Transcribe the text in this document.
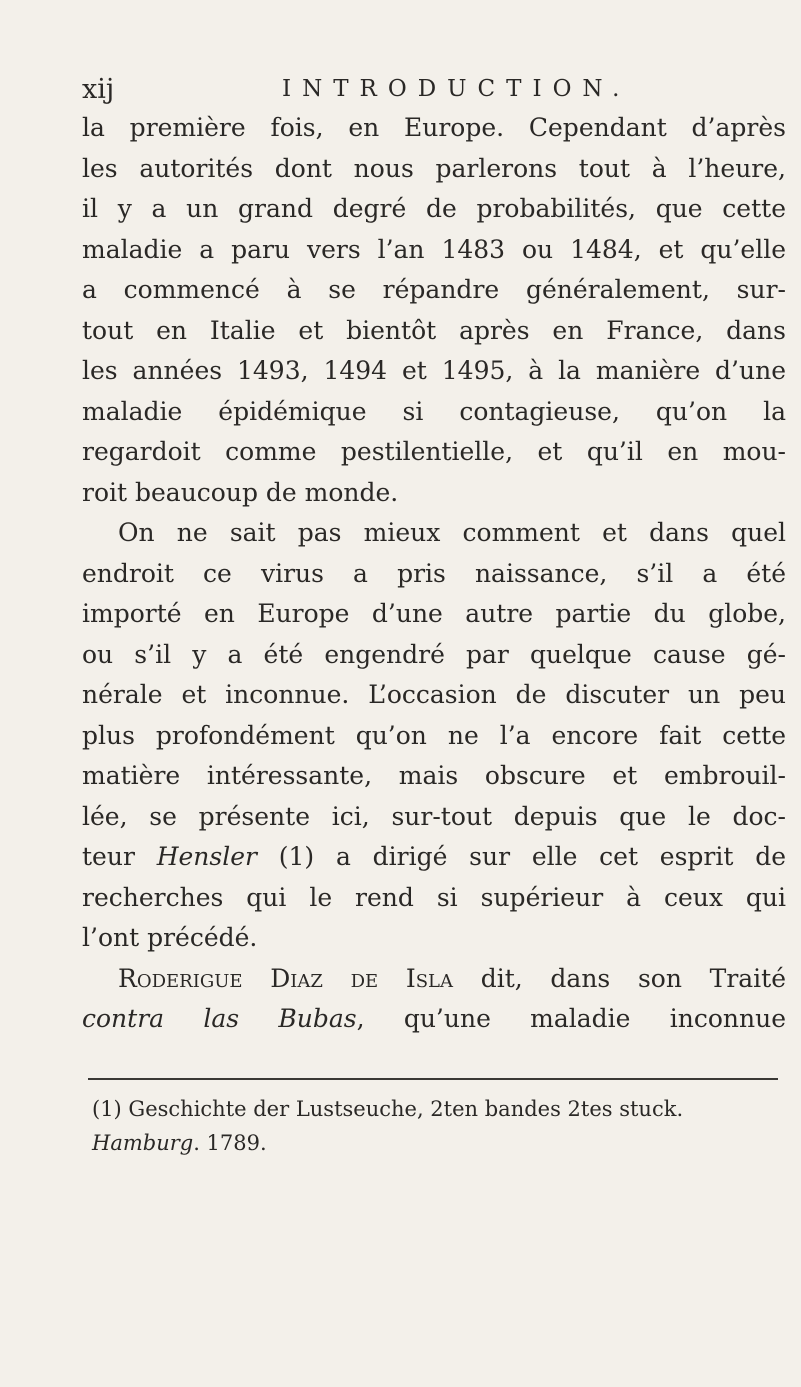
xij	INTRODUCTION.
la première fois, en Europe. Cependant d’après
les autorités dont nous parlerons tout à l’heure,
il y a un grand degré de probabilités, que cette
maladie a paru vers l’an 1483 ou 1484, et qu’elle
a commencé à se répandre généralement, sur-
tout en Italie et bientôt après en France, dans
les années 1493, 1494 et 1495, à la manière d’une
maladie épidémique si contagieuse, qu’on la
regardoit comme pestilentielle, et qu’il en mou-
roit beaucoup de monde.
On ne sait pas mieux comment et dans quel
endroit ce virus a pris naissance, s’il a été
importé en Europe d’une autre partie du globe,
ou s’il y a été engendré par quelque cause gé-
nérale et inconnue. L’occasion de discuter un peu
plus profondément qu’on ne l’a encore fait cette
matière intéressante, mais obscure et embrouil-
lée, se présente ici, sur-tout depuis que le doc-
teur Hensler (1) a dirigé sur elle cet esprit de
recherches qui le rend si supérieur à ceux qui
l’ont précédé.
Roderigue Diaz de Isla dit, dans son Traité
contra las Bubas, qu’une maladie inconnue
(1) Geschichte der Lustseuche, 2ten bandes 2tes stuck.
Hamburg. 1789.
